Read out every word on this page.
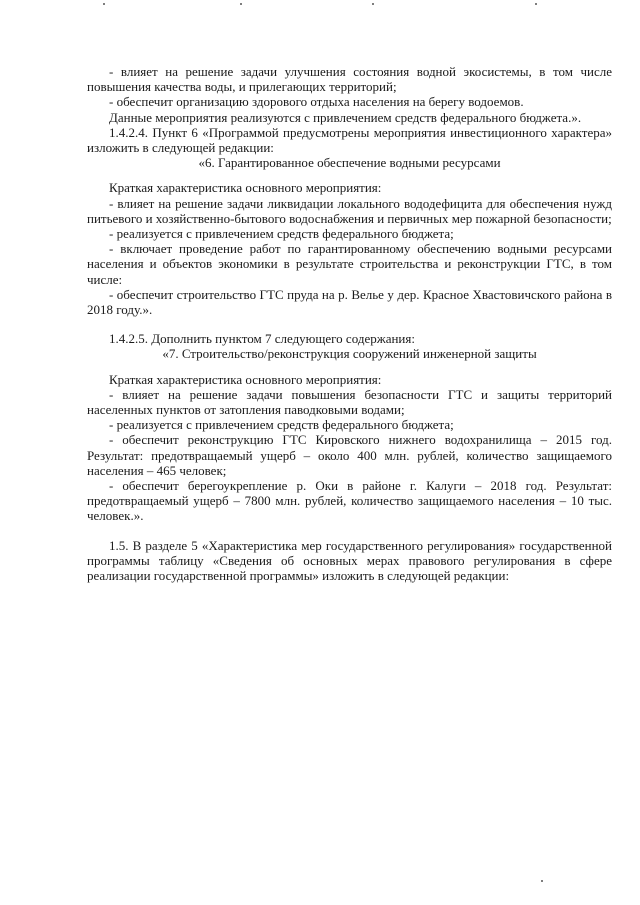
- влияет на решение задачи улучшения состояния водной экосистемы, в том числе повышения качества воды, и прилегающих территорий;

- обеспечит организацию здорового отдыха населения на берегу водоемов.

Данные мероприятия реализуются с привлечением средств федерального бюджета.».

1.4.2.4. Пункт 6 «Программой предусмотрены мероприятия инвестиционного характера» изложить в следующей редакции:

«6. Гарантированное обеспечение водными ресурсами

Краткая характеристика основного мероприятия:

- влияет на решение задачи ликвидации локального вододефицита для обеспечения нужд питьевого и хозяйственно-бытового водоснабжения и первичных мер пожарной безопасности;

- реализуется с привлечением средств федерального бюджета;

- включает проведение работ по гарантированному обеспечению водными ресурсами населения и объектов экономики в результате строительства и реконструкции ГТС, в том числе:

- обеспечит строительство ГТС пруда на р. Велье у дер. Красное Хвастовичского района в 2018 году.».

1.4.2.5. Дополнить пунктом 7 следующего содержания:

«7. Строительство/реконструкция сооружений инженерной защиты

Краткая характеристика основного мероприятия:

- влияет на решение задачи повышения безопасности ГТС и защиты территорий населенных пунктов от затопления паводковыми водами;

- реализуется с привлечением средств федерального бюджета;

- обеспечит реконструкцию ГТС Кировского нижнего водохранилища – 2015 год. Результат: предотвращаемый ущерб – около 400 млн. рублей, количество защищаемого населения – 465 человек;

- обеспечит берегоукрепление р. Оки в районе г. Калуги – 2018 год. Результат: предотвращаемый ущерб – 7800 млн. рублей, количество защищаемого населения – 10 тыс. человек.».

1.5. В разделе 5 «Характеристика мер государственного регулирования» государственной программы таблицу «Сведения об основных мерах правового регулирования в сфере реализации государственной программы» изложить в следующей редакции:
